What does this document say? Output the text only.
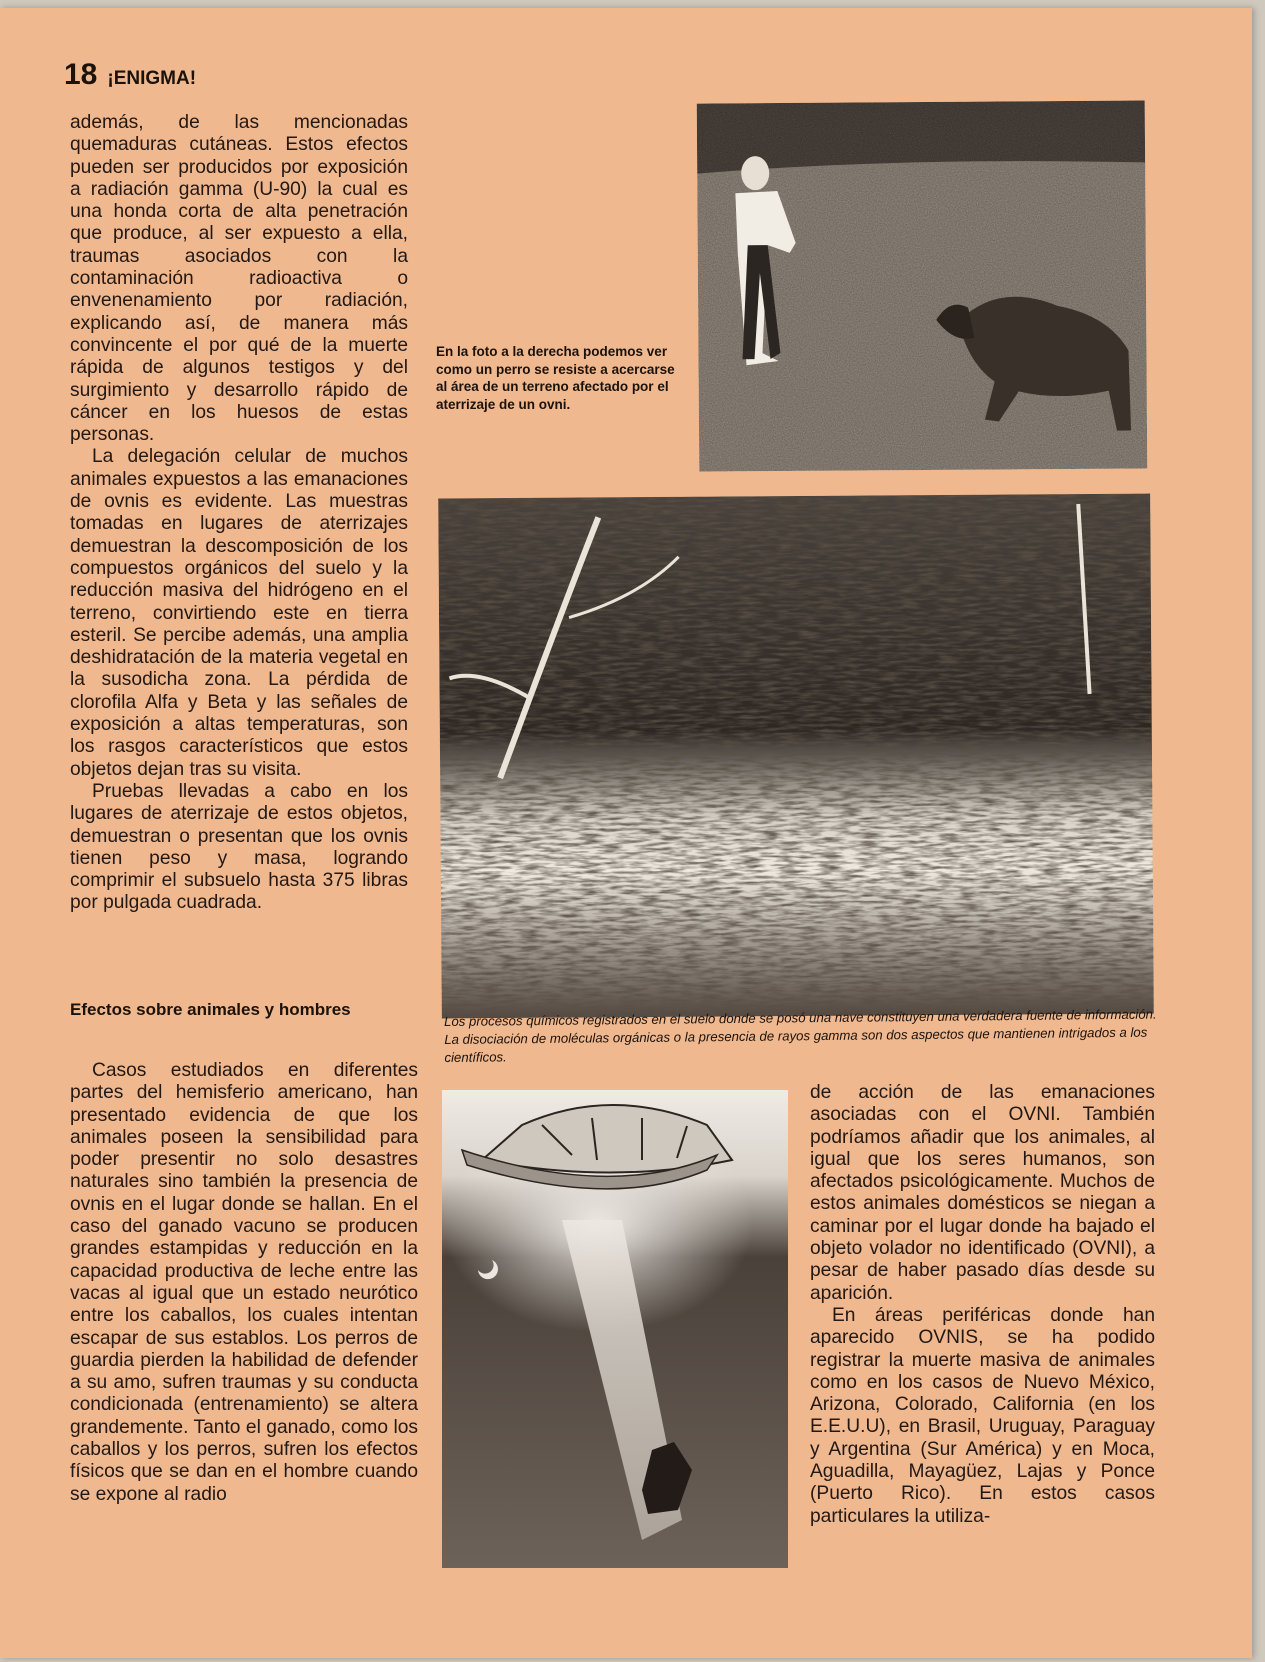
18 ¡ENIGMA!

además, de las mencionadas quemaduras cutáneas. Estos efectos pueden ser producidos por exposición a radiación gamma (U-90) la cual es una honda corta de alta penetración que produce, al ser expuesto a ella, traumas asociados con la contaminación radioactiva o envenenamiento por radiación, explicando así, de manera más convincente el por qué de la muerte rápida de algunos testigos y del surgimiento y desarrollo rápido de cáncer en los huesos de estas personas.

La delegación celular de muchos animales expuestos a las emanaciones de ovnis es evidente. Las muestras tomadas en lugares de aterrizajes demuestran la descomposición de los compuestos orgánicos del suelo y la reducción masiva del hidrógeno en el terreno, convirtiendo este en tierra esteril. Se percibe además, una amplia deshidratación de la materia vegetal en la susodicha zona. La pérdida de clorofila Alfa y Beta y las señales de exposición a altas temperaturas, son los rasgos característicos que estos objetos dejan tras su visita.

Pruebas llevadas a cabo en los lugares de aterrizaje de estos objetos, demuestran o presentan que los ovnis tienen peso y masa, logrando comprimir el subsuelo hasta 375 libras por pulgada cuadrada.

Efectos sobre animales y hombres

Casos estudiados en diferentes partes del hemisferio americano, han presentado evidencia de que los animales poseen la sensibilidad para poder presentir no solo desastres naturales sino también la presencia de ovnis en el lugar donde se hallan. En el caso del ganado vacuno se producen grandes estampidas y reducción en la capacidad productiva de leche entre las vacas al igual que un estado neurótico entre los caballos, los cuales intentan escapar de sus establos. Los perros de guardia pierden la habilidad de defender a su amo, sufren traumas y su conducta condicionada (entrenamiento) se altera grandemente. Tanto el ganado, como los caballos y los perros, sufren los efectos físicos que se dan en el hombre cuando se expone al radio

En la foto a la derecha podemos ver como un perro se resiste a acercarse al área de un terreno afectado por el aterrizaje de un ovni.
Los procesos químicos registrados en el suelo donde se posó una nave constituyen una verdadera fuente de información. La disociación de moléculas orgánicas o la presencia de rayos gamma son dos aspectos que mantienen intrigados a los científicos.

de acción de las emanaciones asociadas con el OVNI. También podríamos añadir que los animales, al igual que los seres humanos, son afectados psicológicamente. Muchos de estos animales domésticos se niegan a caminar por el lugar donde ha bajado el objeto volador no identificado (OVNI), a pesar de haber pasado días desde su aparición.

En áreas periféricas donde han aparecido OVNIS, se ha podido registrar la muerte masiva de animales como en los casos de Nuevo México, Arizona, Colorado, California (en los E.E.U.U), en Brasil, Uruguay, Paraguay y Argentina (Sur América) y en Moca, Aguadilla, Mayagüez, Lajas y Ponce (Puerto Rico). En estos casos particulares la utiliza-
